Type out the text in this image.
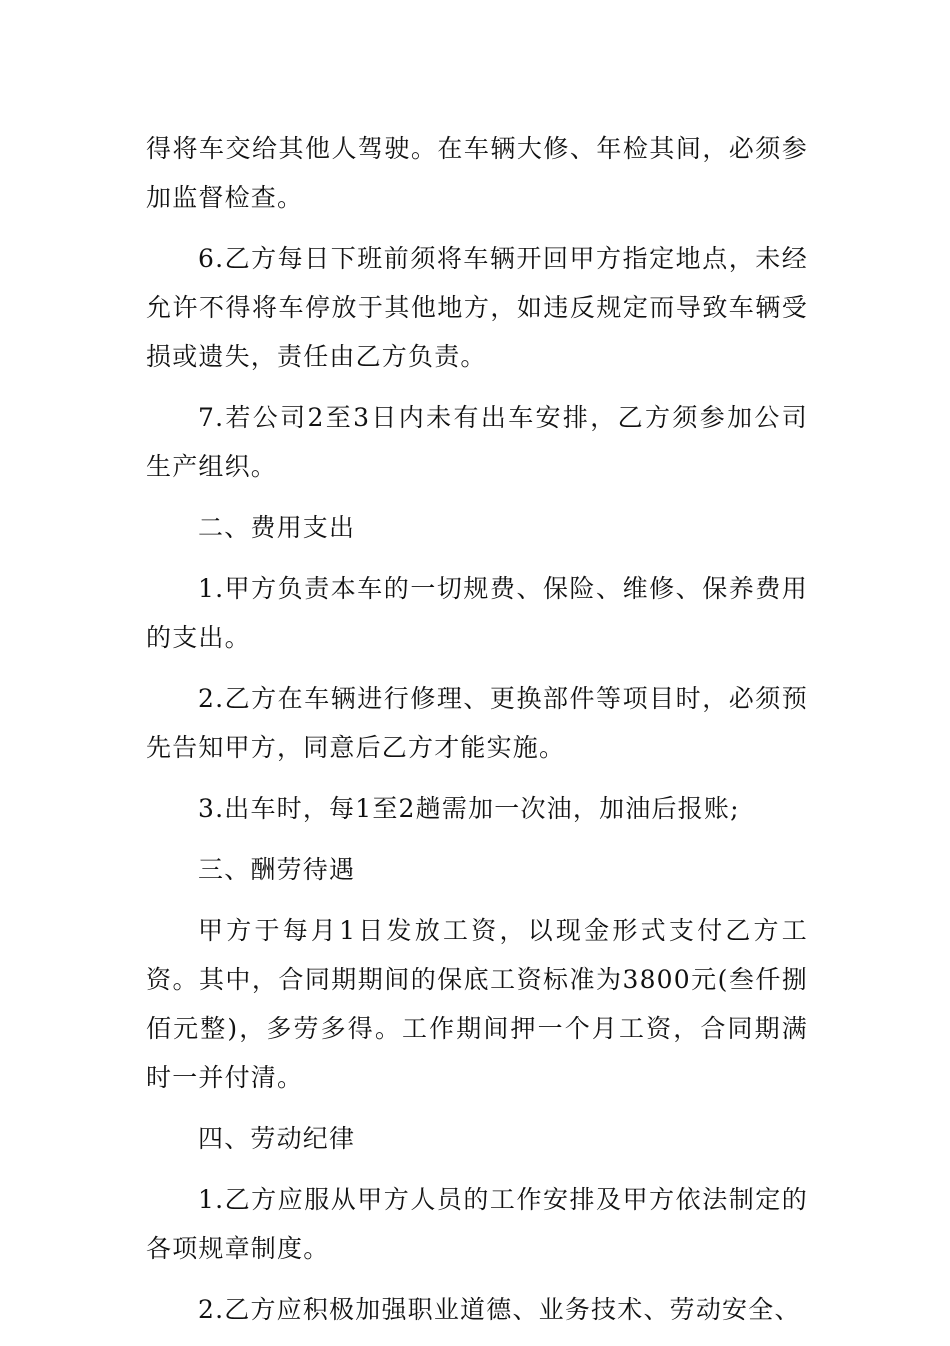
得将车交给其他人驾驶。在车辆大修、年检其间，必须参加监督检查。

6.乙方每日下班前须将车辆开回甲方指定地点，未经允许不得将车停放于其他地方，如违反规定而导致车辆受损或遗失，责任由乙方负责。

7.若公司2至3日内未有出车安排，乙方须参加公司生产组织。

二、费用支出

1.甲方负责本车的一切规费、保险、维修、保养费用的支出。

2.乙方在车辆进行修理、更换部件等项目时，必须预先告知甲方，同意后乙方才能实施。

3.出车时，每1至2趟需加一次油，加油后报账;

三、酬劳待遇

甲方于每月1日发放工资，以现金形式支付乙方工资。其中，合同期期间的保底工资标准为3800元(叁仟捌佰元整)，多劳多得。工作期间押一个月工资，合同期满时一并付清。

四、劳动纪律

1.乙方应服从甲方人员的工作安排及甲方依法制定的各项规章制度。

2.乙方应积极加强职业道德、业务技术、劳动安全、
